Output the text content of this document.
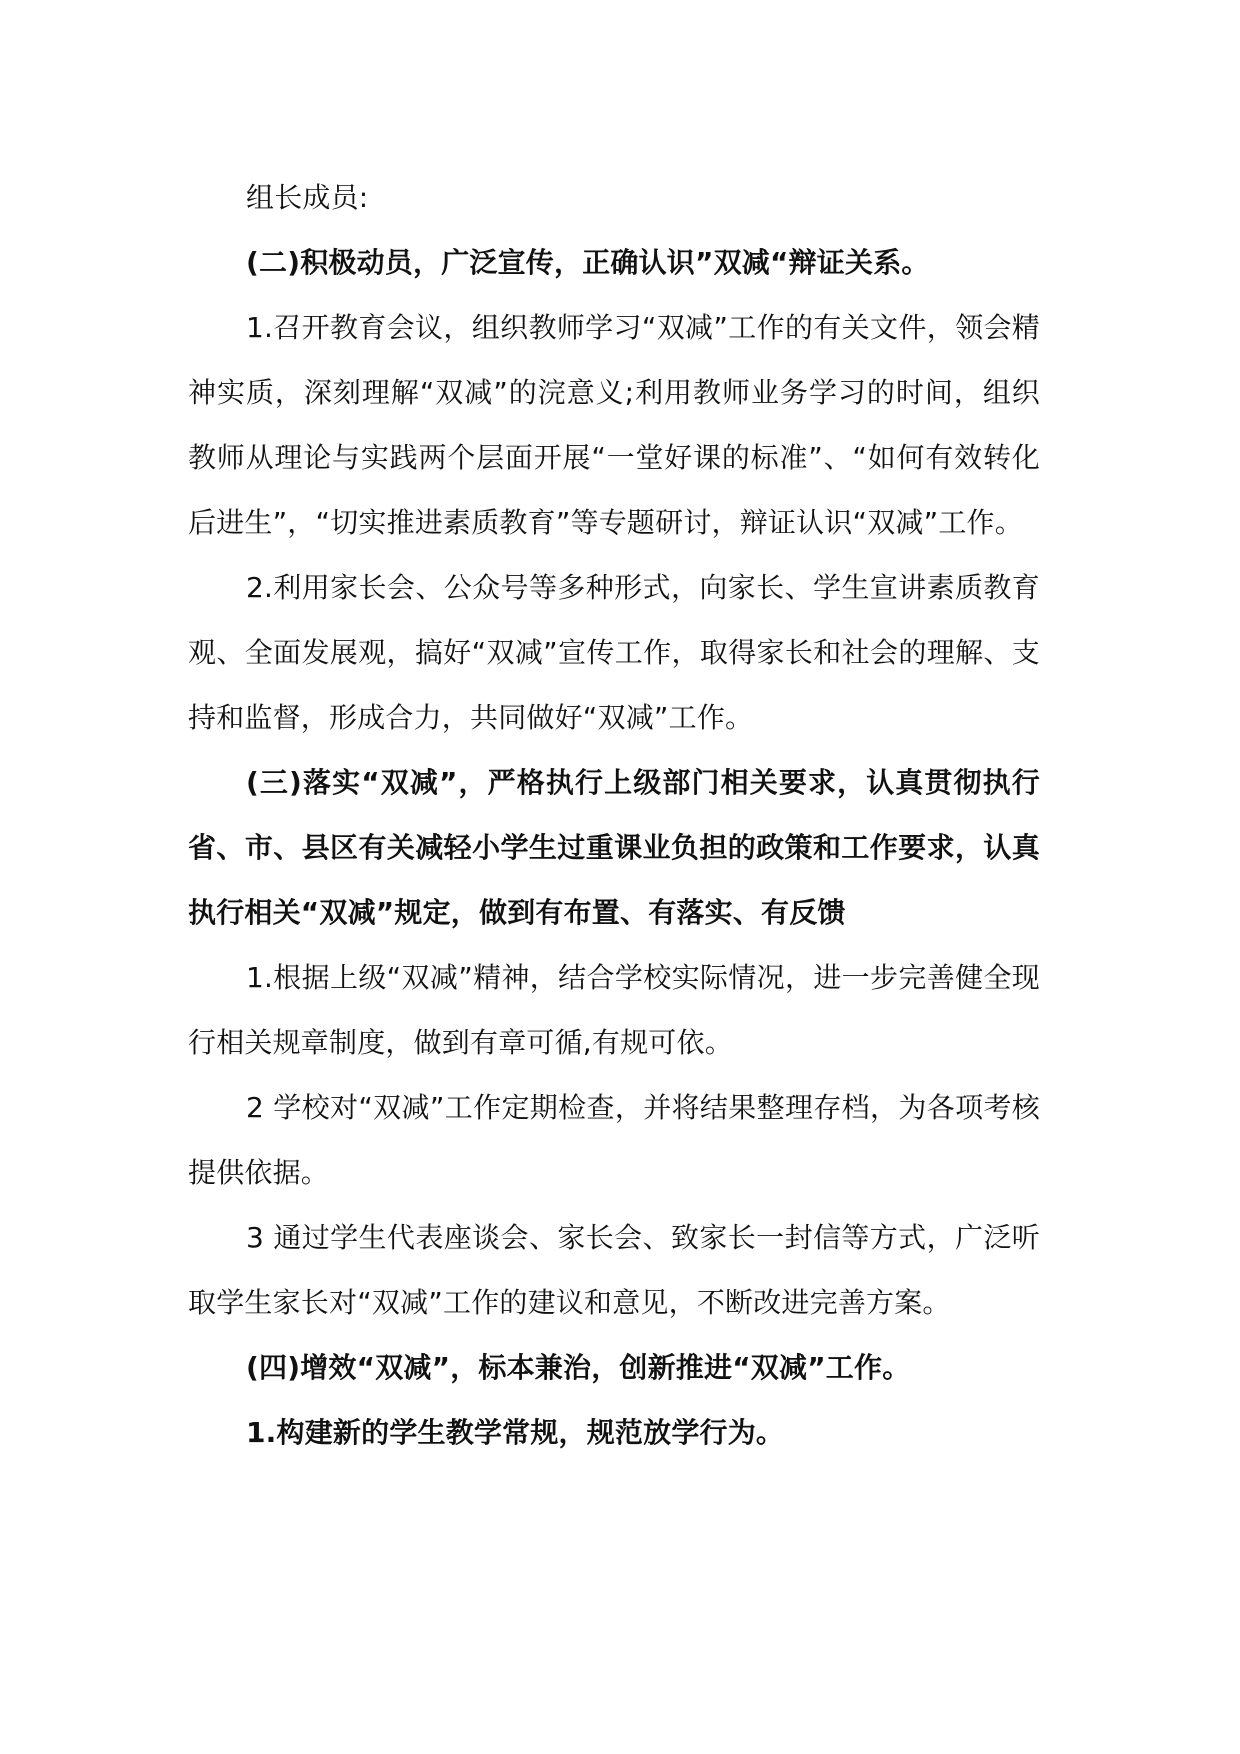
组长成员:

(二)积极动员，广泛宣传，正确认识”双减“辩证关系。

1.召开教育会议，组织教师学习“双减”工作的有关文件，领会精神实质，深刻理解“双减”的浣意义;利用教师业务学习的时间，组织教师从理论与实践两个层面开展“一堂好课的标准”、“如何有效转化后进生”，“切实推进素质教育”等专题研讨，辩证认识“双减”工作。

2.利用家长会、公众号等多种形式，向家长、学生宣讲素质教育观、全面发展观，搞好“双减”宣传工作，取得家长和社会的理解、支持和监督，形成合力，共同做好“双减”工作。

(三)落实“双减”，严格执行上级部门相关要求，认真贯彻执行省、市、县区有关减轻小学生过重课业负担的政策和工作要求，认真执行相关“双减”规定，做到有布置、有落实、有反馈

1.根据上级“双减”精神，结合学校实际情况，进一步完善健全现行相关规章制度，做到有章可循,有规可依。

2 学校对“双减”工作定期检查，并将结果整理存档，为各项考核提供依据。

3 通过学生代表座谈会、家长会、致家长一封信等方式，广泛听取学生家长对“双减”工作的建议和意见，不断改进完善方案。

(四)增效“双减”，标本兼治，创新推进“双减”工作。

1.构建新的学生教学常规，规范放学行为。
